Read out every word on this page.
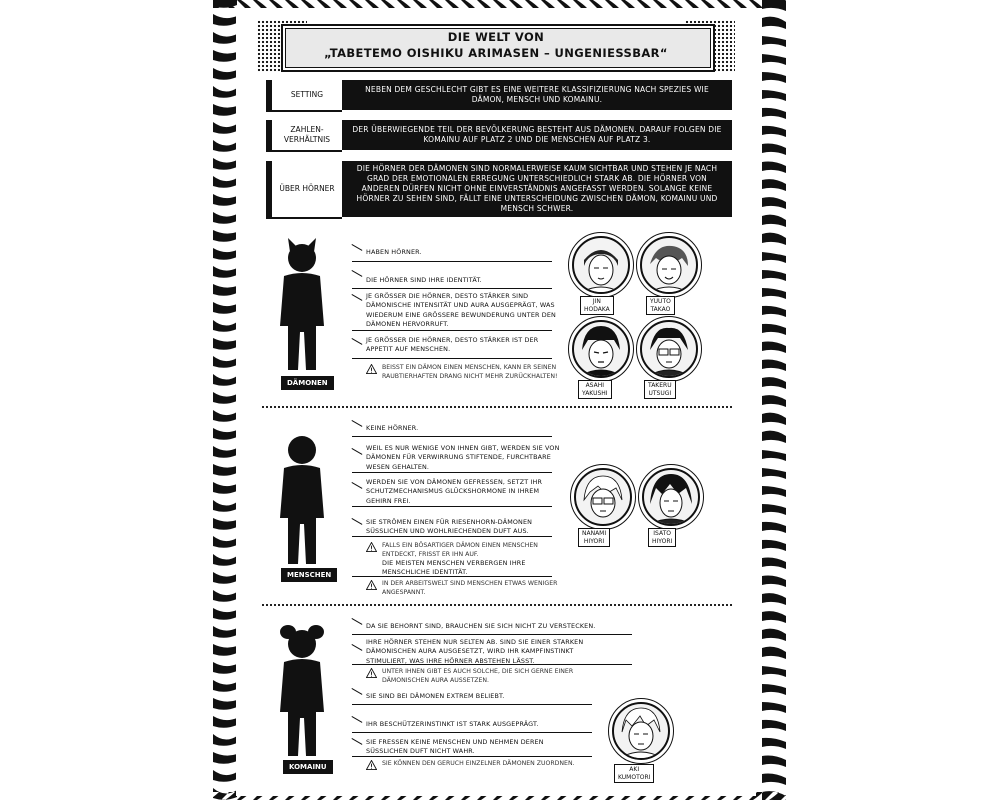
DIE WELT VON
„TABETEMO OISHIKU ARIMASEN – UNGENIESSBAR“
SETTING
NEBEN DEM GESCHLECHT GIBT ES EINE WEITERE KLASSIFIZIERUNG NACH SPEZIES WIE DÄMON, MENSCH UND KOMAINU.
ZAHLEN-VERHÄLTNIS
DER ÜBERWIEGENDE TEIL DER BEVÖLKERUNG BESTEHT AUS DÄMONEN. DARAUF FOLGEN DIE KOMAINU AUF PLATZ 2 UND DIE MENSCHEN AUF PLATZ 3.
ÜBER HÖRNER
DIE HÖRNER DER DÄMONEN SIND NORMALERWEISE KAUM SICHTBAR UND STEHEN JE NACH GRAD DER EMOTIONALEN ERREGUNG UNTERSCHIEDLICH STARK AB. DIE HÖRNER VON ANDEREN DÜRFEN NICHT OHNE EINVERSTÄNDNIS ANGEFASST WERDEN. SOLANGE KEINE HÖRNER ZU SEHEN SIND, FÄLLT EINE UNTERSCHEIDUNG ZWISCHEN DÄMON, KOMAINU UND MENSCH SCHWER.
DÄMONEN
HABEN HÖRNER.
DIE HÖRNER SIND IHRE IDENTITÄT.
JE GRÖSSER DIE HÖRNER, DESTO STÄRKER SIND DÄMONISCHE INTENSITÄT UND AURA AUSGEPRÄGT, WAS WIEDERUM EINE GRÖSSERE BEWUNDERUNG UNTER DEN DÄMONEN HERVORRUFT.
JE GRÖSSER DIE HÖRNER, DESTO STÄRKER IST DER APPETIT AUF MENSCHEN.
BEISST EIN DÄMON EINEN MENSCHEN, KANN ER SEINEN RAUBTIERHAFTEN DRANG NICHT MEHR ZURÜCKHALTEN!
JIN
HODAKA
YUUTO
TAKAO
ASAHI
YAKUSHI
TAKERU
UTSUGI
MENSCHEN
KEINE HÖRNER.
WEIL ES NUR WENIGE VON IHNEN GIBT, WERDEN SIE VON DÄMONEN FÜR VERWIRRUNG STIFTENDE, FURCHTBARE WESEN GEHALTEN.
WERDEN SIE VON DÄMONEN GEFRESSEN, SETZT IHR SCHUTZMECHANISMUS GLÜCKSHORMONE IN IHREM GEHIRN FREI.
SIE STRÖMEN EINEN FÜR RIESENHORN-DÄMONEN SÜSSLICHEN UND WOHLRIECHENDEN DUFT AUS.
FALLS EIN BÖSARTIGER DÄMON EINEN MENSCHEN ENTDECKT, FRISST ER IHN AUF.
DIE MEISTEN MENSCHEN VERBERGEN IHRE MENSCHLICHE IDENTITÄT.
IN DER ARBEITSWELT SIND MENSCHEN ETWAS WENIGER ANGESPANNT.
NANAMI
HIYORI
ISATO
HIYORI
KOMAINU
DA SIE BEHORNT SIND, BRAUCHEN SIE SICH NICHT ZU VERSTECKEN.
IHRE HÖRNER STEHEN NUR SELTEN AB. SIND SIE EINER STARKEN DÄMONISCHEN AURA AUSGESETZT, WIRD IHR KAMPFINSTINKT STIMULIERT, WAS IHRE HÖRNER ABSTEHEN LÄSST.
UNTER IHNEN GIBT ES AUCH SOLCHE, DIE SICH GERNE EINER DÄMONISCHEN AURA AUSSETZEN.
SIE SIND BEI DÄMONEN EXTREM BELIEBT.
IHR BESCHÜTZERINSTINKT IST STARK AUSGEPRÄGT.
SIE FRESSEN KEINE MENSCHEN UND NEHMEN DEREN SÜSSLICHEN DUFT NICHT WAHR.
SIE KÖNNEN DEN GERUCH EINZELNER DÄMONEN ZUORDNEN.
AKI
KUMOTORI
